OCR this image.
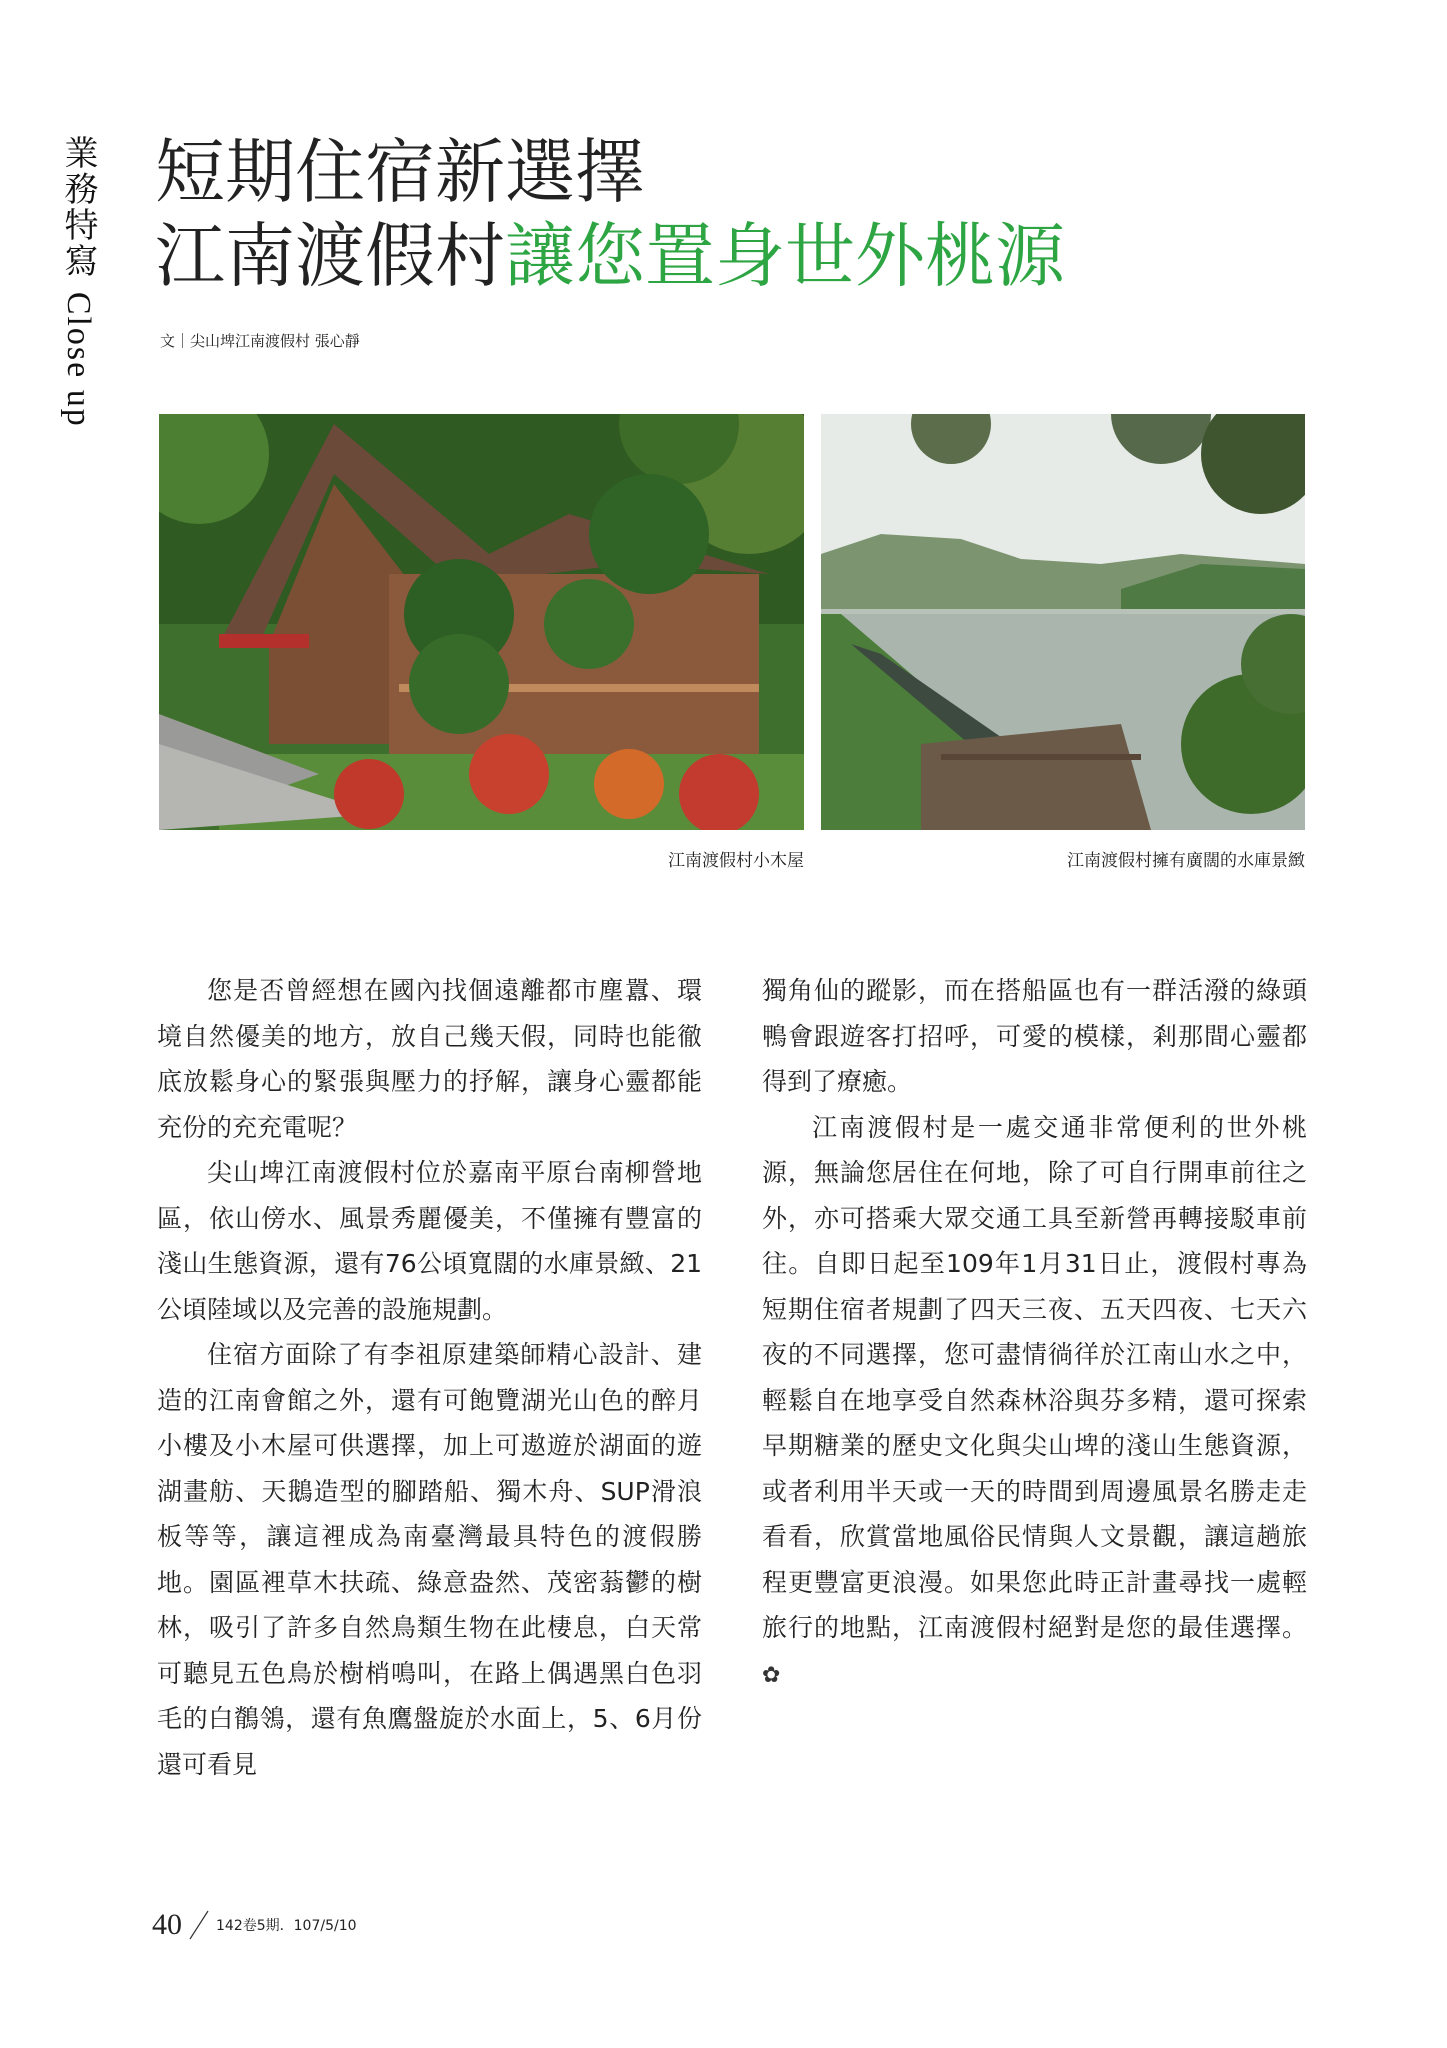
業務特寫 Close up
短期住宿新選擇
江南渡假村讓您置身世外桃源
文｜尖山埤江南渡假村 張心靜
江南渡假村小木屋	江南渡假村擁有廣闊的水庫景緻

您是否曾經想在國內找個遠離都市塵囂、環境自然優美的地方，放自己幾天假，同時也能徹底放鬆身心的緊張與壓力的抒解，讓身心靈都能充份的充充電呢？

尖山埤江南渡假村位於嘉南平原台南柳營地區，依山傍水、風景秀麗優美，不僅擁有豐富的淺山生態資源，還有76公頃寬闊的水庫景緻、21公頃陸域以及完善的設施規劃。

住宿方面除了有李祖原建築師精心設計、建造的江南會館之外，還有可飽覽湖光山色的醉月小樓及小木屋可供選擇，加上可遨遊於湖面的遊湖畫舫、天鵝造型的腳踏船、獨木舟、SUP滑浪板等等，讓這裡成為南臺灣最具特色的渡假勝地。園區裡草木扶疏、綠意盎然、茂密蓊鬱的樹林，吸引了許多自然鳥類生物在此棲息，白天常可聽見五色鳥於樹梢鳴叫，在路上偶遇黑白色羽毛的白鶺鴒，還有魚鷹盤旋於水面上，5、6月份還可看見

獨角仙的蹤影，而在搭船區也有一群活潑的綠頭鴨會跟遊客打招呼，可愛的模樣，剎那間心靈都得到了療癒。

江南渡假村是一處交通非常便利的世外桃源，無論您居住在何地，除了可自行開車前往之外，亦可搭乘大眾交通工具至新營再轉接駁車前往。自即日起至109年1月31日止，渡假村專為短期住宿者規劃了四天三夜、五天四夜、七天六夜的不同選擇，您可盡情徜徉於江南山水之中，輕鬆自在地享受自然森林浴與芬多精，還可探索早期糖業的歷史文化與尖山埤的淺山生態資源，或者利用半天或一天的時間到周邊風景名勝走走看看，欣賞當地風俗民情與人文景觀，讓這趟旅程更豐富更浪漫。如果您此時正計畫尋找一處輕旅行的地點，江南渡假村絕對是您的最佳選擇。 ✿

40 142卷5期．107/5/10
